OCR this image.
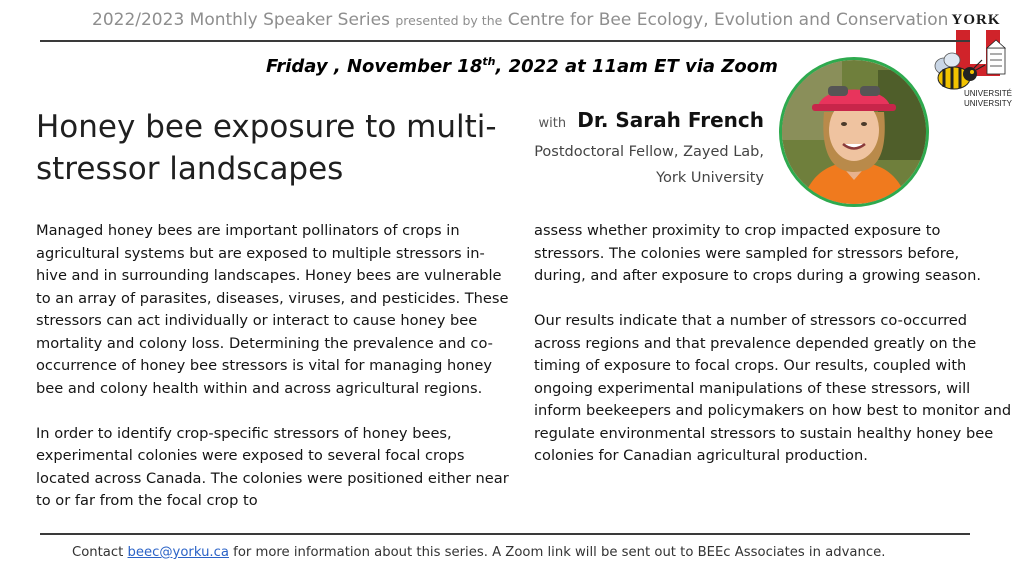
2022/2023 Monthly Speaker Series presented by the Centre for Bee Ecology, Evolution and Conservation YORK
UNIVERSITÉ
UNIVERSITY
Friday , November 18th, 2022 at 11am ET via Zoom
Honey bee exposure to multi-stressor landscapes
with Dr. Sarah French
Postdoctoral Fellow, Zayed Lab,
York University

Managed honey bees are important pollinators of crops in agricultural systems but are exposed to multiple stressors in-hive and in surrounding landscapes. Honey bees are vulnerable to an array of parasites, diseases, viruses, and pesticides. These stressors can act individually or interact to cause honey bee mortality and colony loss. Determining the prevalence and co-occurrence of honey bee stressors is vital for managing honey bee and colony health within and across agricultural regions.

In order to identify crop-specific stressors of honey bees, experimental colonies were exposed to several focal crops located across Canada. The colonies were positioned either near to or far from the focal crop to

assess whether proximity to crop impacted exposure to stressors. The colonies were sampled for stressors before, during, and after exposure to crops during a growing season.

Our results indicate that a number of stressors co-occurred across regions and that prevalence depended greatly on the timing of exposure to focal crops. Our results, coupled with ongoing experimental manipulations of these stressors, will inform beekeepers and policymakers on how best to monitor and regulate environmental stressors to sustain healthy honey bee colonies for Canadian agricultural production.

Contact beec@yorku.ca for more information about this series. A Zoom link will be sent out to BEEc Associates in advance.
